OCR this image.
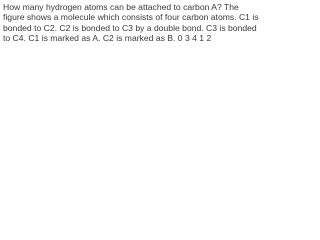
How many hydrogen atoms can be attached to carbon A? The figure shows a molecule which consists of four carbon atoms. C1 is bonded to C2. C2 is bonded to C3 by a double bond. C3 is bonded to C4. C1 is marked as A. C2 is marked as B. 0 3 4 1 2
